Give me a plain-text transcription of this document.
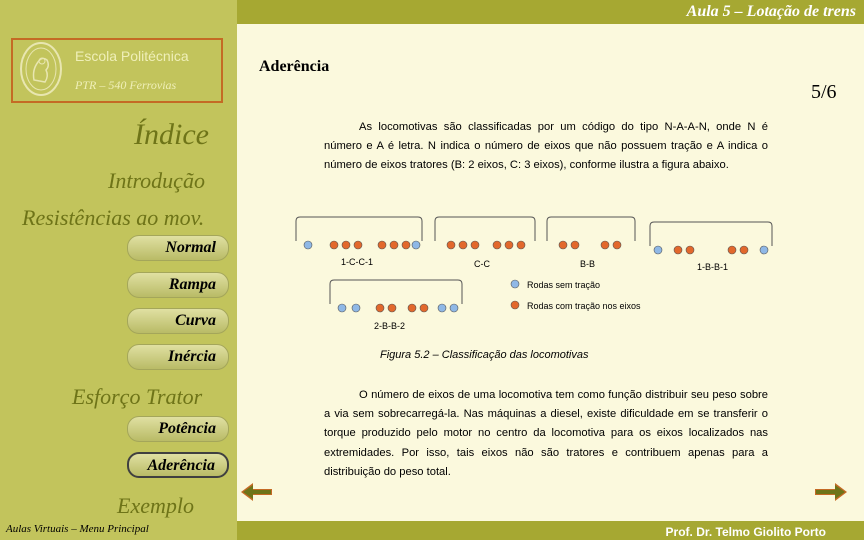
Aula 5 – Lotação de trens
Escola Politécnica
PTR – 540 Ferrovias
Índice
Introdução
Resistências ao mov.
Normal
Rampa
Curva
Inércia
Esforço Trator
Potência
Aderência
Exemplo
Aulas Virtuais – Menu Principal
Aderência
5/6
As locomotivas são classificadas por um código do tipo N-A-A-N, onde N é número e A é letra. N indica o número de eixos que não possuem tração e A indica o número de eixos tratores (B: 2 eixos, C: 3 eixos), conforme ilustra a figura abaixo.
1-C-C-1	C-C	B-B	1-B-B-1
2-B-B-2
Rodas sem tração
Rodas com tração nos eixos
Figura 5.2 – Classificação das locomotivas
O número de eixos de uma locomotiva tem como função distribuir seu peso sobre a via sem sobrecarregá-la. Nas máquinas a diesel, existe dificuldade em se transferir o torque produzido pelo motor no centro da locomotiva para os eixos localizados nas extremidades. Por isso, tais eixos não são tratores e contribuem apenas para a distribuição do peso total.
Prof. Dr. Telmo Giolito Porto
